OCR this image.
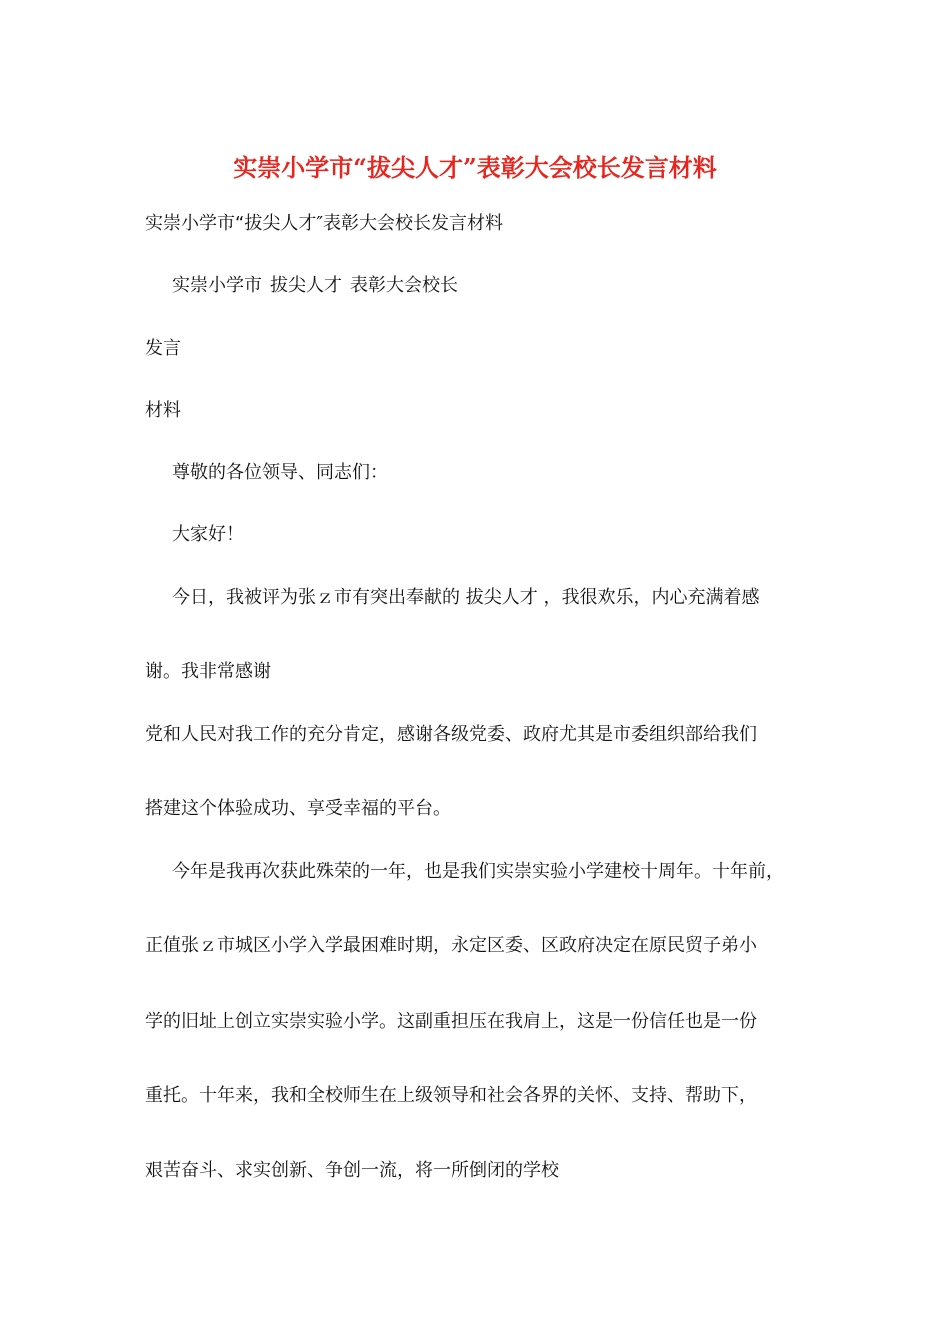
实崇小学市“拔尖人才”表彰大会校长发言材料
实崇小学市“拔尖人才″表彰大会校长发言材料
实崇小学市 拔尖人才 表彰大会校长
发言
材料
尊敬的各位领导、同志们：
大家好！
今日，我被评为张ｚ市有突出奉献的 拔尖人才 ，我很欢乐，内心充满着感
谢。我非常感谢
党和人民对我工作的充分肯定，感谢各级党委、政府尤其是市委组织部给我们
搭建这个体验成功、享受幸福的平台。
今年是我再次获此殊荣的一年，也是我们实崇实验小学建校十周年。十年前，
正值张ｚ市城区小学入学最困难时期，永定区委、区政府决定在原民贸子弟小
学的旧址上创立实崇实验小学。这副重担压在我肩上，这是一份信任也是一份
重托。十年来，我和全校师生在上级领导和社会各界的关怀、支持、帮助下，
艰苦奋斗、求实创新、争创一流，将一所倒闭的学校
